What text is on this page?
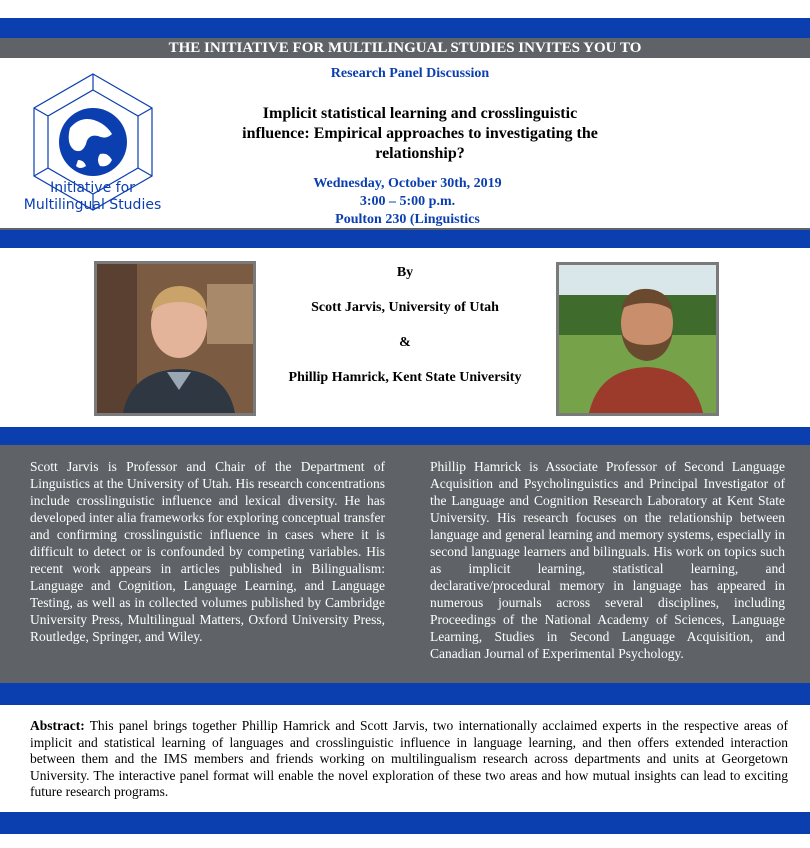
THE INITIATIVE FOR MULTILINGUAL STUDIES INVITES YOU TO
Initiative for
Multilingual Studies
Research Panel Discussion
Implicit statistical learning and crosslinguistic
influence: Empirical approaches to investigating the
relationship?
Wednesday, October 30th, 2019
3:00 – 5:00 p.m.
Poulton 230 (Linguistics
By
Scott Jarvis, University of Utah
&
Phillip Hamrick, Kent State University
Scott Jarvis is Professor and Chair of the Department of Linguistics at the University of Utah. His research concentrations include crosslinguistic influence and lexical diversity. He has developed inter alia frameworks for exploring conceptual transfer and confirming crosslinguistic influence in cases where it is difficult to detect or is confounded by competing variables. His recent work appears in articles published in Bilingualism: Language and Cognition, Language Learning, and Language Testing, as well as in collected volumes published by Cambridge University Press, Multilingual Matters, Oxford University Press, Routledge, Springer, and Wiley.
Phillip Hamrick is Associate Professor of Second Language Acquisition and Psycholinguistics and Principal Investigator of the Language and Cognition Research Laboratory at Kent State University. His research focuses on the relationship between language and general learning and memory systems, especially in second language learners and bilinguals. His work on topics such as implicit learning, statistical learning, and declarative/procedural memory in language has appeared in numerous journals across several disciplines, including Proceedings of the National Academy of Sciences, Language Learning, Studies in Second Language Acquisition, and Canadian Journal of Experimental Psychology.
Abstract: This panel brings together Phillip Hamrick and Scott Jarvis, two internationally acclaimed experts in the respective areas of implicit and statistical learning of languages and crosslinguistic influence in language learning, and then offers extended interaction between them and the IMS members and friends working on multilingualism research across departments and units at Georgetown University. The interactive panel format will enable the novel exploration of these two areas and how mutual insights can lead to exciting future research programs.
